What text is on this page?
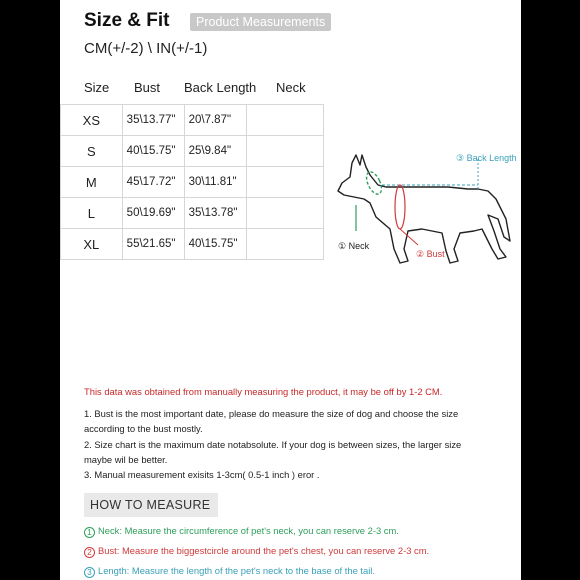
Size & Fit	Product Measurements
CM(+/-2) \ IN(+/-1)
Size Bust Back Length Neck
XS	35\13.77"	20\7.87"	
S	40\15.75"	25\9.84"	
M	45\17.72"	30\11.81"	
L	50\19.69"	35\13.78"	
XL	55\21.65"	40\15.75"	
③ Back Length
① Neck
② Bust
This data was obtained from manually measuring the product, it may be off by 1-2 CM.
1. Bust is the most important date, please do measure the size of dog and choose the size according to the bust mostly.
2. Size chart is the maximum date notabsolute. If your dog is between sizes, the larger size maybe wil be better.
3. Manual measurement exisits 1-3cm( 0.5-1 inch ) eror .
HOW TO MEASURE
1 Neck: Measure the circumference of pet's neck, you can reserve 2-3 cm.
2 Bust: Measure the biggestcircle around the pet's chest, you can reserve 2-3 cm.
3 Length: Measure the length of the pet's neck to the base of the tail.
